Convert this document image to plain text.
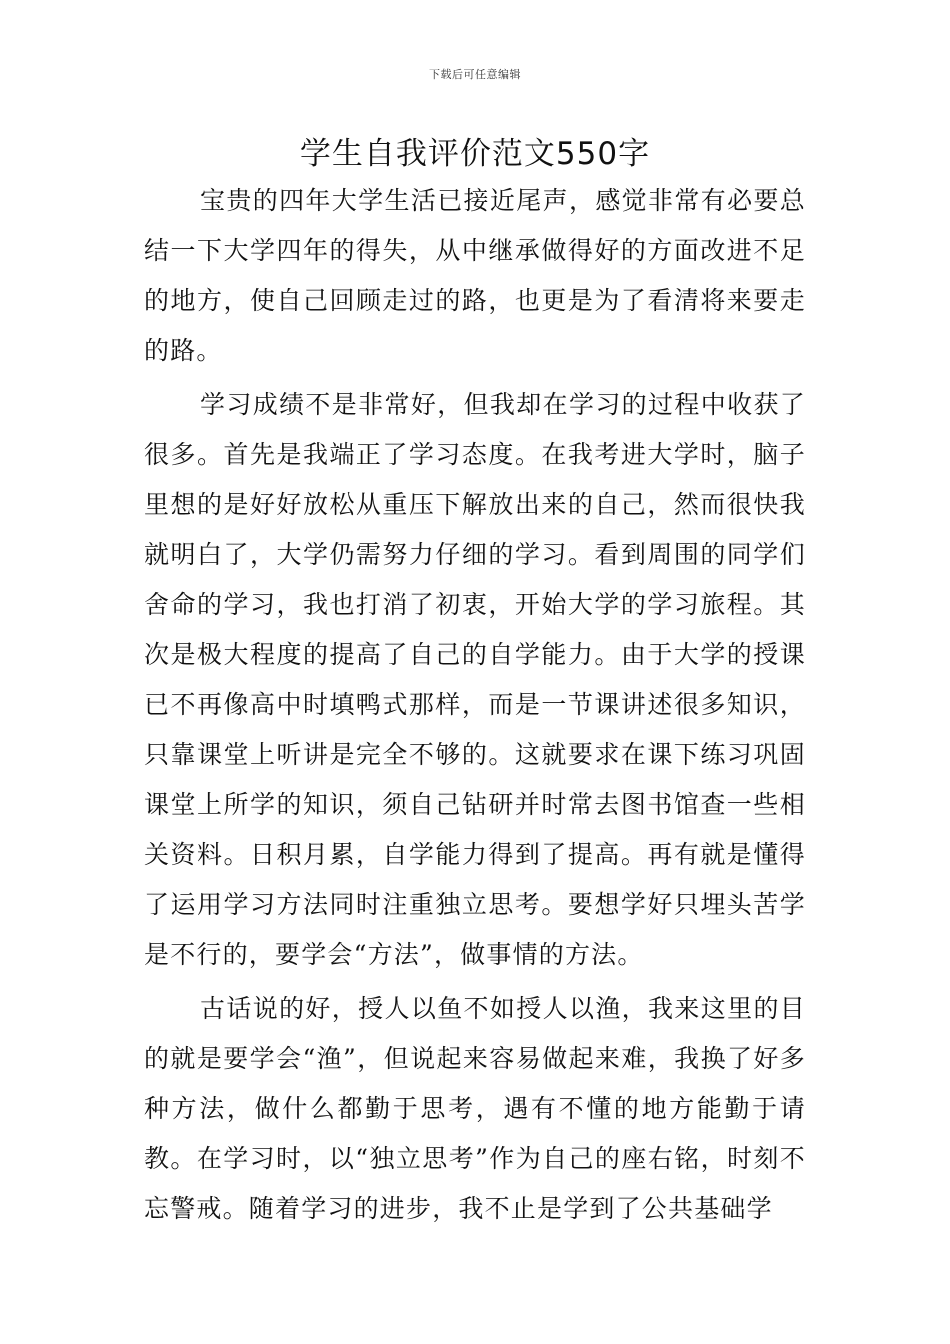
下载后可任意编辑
学生自我评价范文550字

宝贵的四年大学生活已接近尾声，感觉非常有必要总结一下大学四年的得失，从中继承做得好的方面改进不足的地方，使自己回顾走过的路，也更是为了看清将来要走的路。

学习成绩不是非常好，但我却在学习的过程中收获了很多。首先是我端正了学习态度。在我考进大学时，脑子里想的是好好放松从重压下解放出来的自己，然而很快我就明白了，大学仍需努力仔细的学习。看到周围的同学们舍命的学习，我也打消了初衷，开始大学的学习旅程。其次是极大程度的提高了自己的自学能力。由于大学的授课已不再像高中时填鸭式那样，而是一节课讲述很多知识，只靠课堂上听讲是完全不够的。这就要求在课下练习巩固课堂上所学的知识，须自己钻研并时常去图书馆查一些相关资料。日积月累，自学能力得到了提高。再有就是懂得了运用学习方法同时注重独立思考。要想学好只埋头苦学是不行的，要学会“方法”，做事情的方法。

古话说的好，授人以鱼不如授人以渔，我来这里的目的就是要学会“渔”，但说起来容易做起来难，我换了好多种方法，做什么都勤于思考，遇有不懂的地方能勤于请教。在学习时，以“独立思考”作为自己的座右铭，时刻不忘警戒。随着学习的进步，我不止是学到了公共基础学
